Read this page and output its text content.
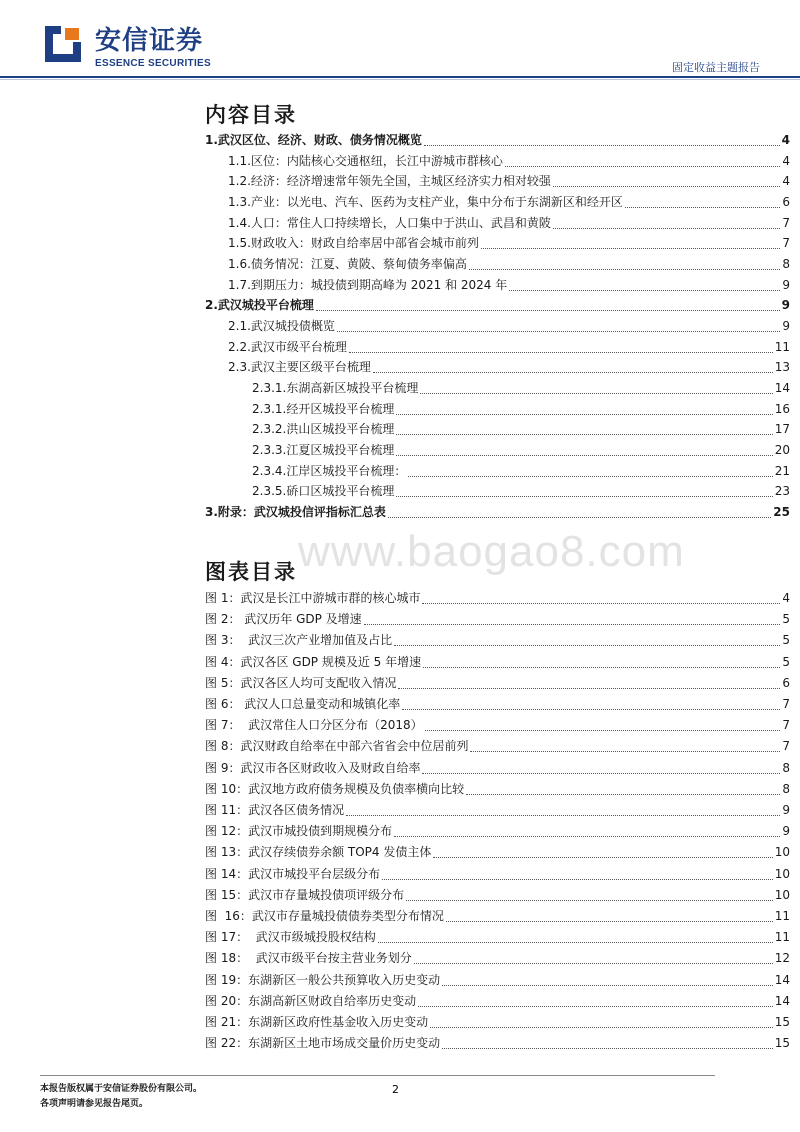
安信证券
ESSENCE SECURITIES	固定收益主题报告
内容目录
1. 武汉区位、经济、财政、债务情况概览	4
1.1. 区位：内陆核心交通枢纽，长江中游城市群核心	4
1.2. 经济：经济增速常年领先全国，主城区经济实力相对较强	4
1.3. 产业：以光电、汽车、医药为支柱产业，集中分布于东湖新区和经开区	6
1.4. 人口：常住人口持续增长，人口集中于洪山、武昌和黄陂	7
1.5. 财政收入：财政自给率居中部省会城市前列	7
1.6. 债务情况：江夏、黄陂、蔡甸债务率偏高	8
1.7. 到期压力：城投债到期高峰为 2021 和 2024 年	9
2. 武汉城投平台梳理	9
2.1. 武汉城投债概览	9
2.2. 武汉市级平台梳理	11
2.3. 武汉主要区级平台梳理	13
2.3.1. 东湖高新区城投平台梳理	14
2.3.1. 经开区城投平台梳理	16
2.3.2. 洪山区城投平台梳理	17
2.3.3. 江夏区城投平台梳理	20
2.3.4. 江岸区城投平台梳理：	21
2.3.5. 硚口区城投平台梳理	23
3. 附录：武汉城投信评指标汇总表	25
www.baogao8.com
图表目录
图 1： 武汉是长江中游城市群的核心城市	4
图 2： 武汉历年 GDP 及增速	5
图 3： 武汉三次产业增加值及占比	5
图 4： 武汉各区 GDP 规模及近 5 年增速	5
图 5： 武汉各区人均可支配收入情况	6
图 6： 武汉人口总量变动和城镇化率	7
图 7： 武汉常住人口分区分布（2018）	7
图 8： 武汉财政自给率在中部六省省会中位居前列	7
图 9： 武汉市各区财政收入及财政自给率	8
图 10： 武汉地方政府债务规模及负债率横向比较	8
图 11： 武汉各区债务情况	9
图 12： 武汉市城投债到期规模分布	9
图 13： 武汉存续债券余额 TOP4 发债主体	10
图 14： 武汉市城投平台层级分布	10
图 15： 武汉市存量城投债项评级分布	10
图  16： 武汉市存量城投债债券类型分布情况	11
图 17： 武汉市级城投股权结构	11
图 18： 武汉市级平台按主营业务划分	12
图 19： 东湖新区一般公共预算收入历史变动	14
图 20： 东湖高新区财政自给率历史变动	14
图 21： 东湖新区政府性基金收入历史变动	15
图 22： 东湖新区土地市场成交量价历史变动	15
2
本报告版权属于安信证券股份有限公司。
各项声明请参见报告尾页。
